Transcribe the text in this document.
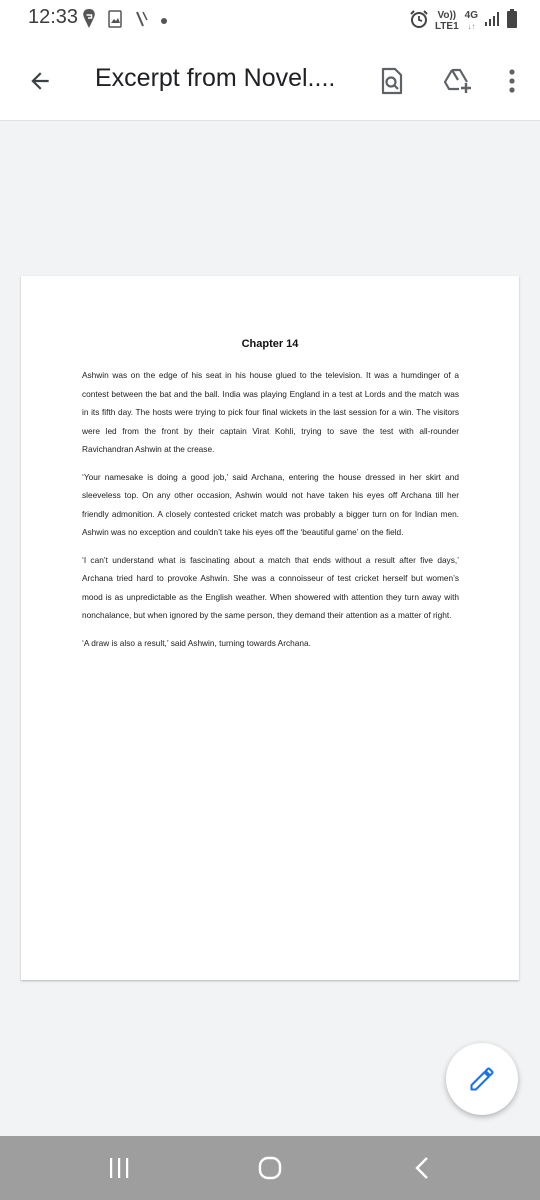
12:33	Vo))
LTE1
4G
↓↑
Excerpt from Novel....
Chapter 14

Ashwin was on the edge of his seat in his house glued to the television. It was a humdinger of a contest between the bat and the ball. India was playing England in a test at Lords and the match was in its fifth day. The hosts were trying to pick four final wickets in the last session for a win. The visitors were led from the front by their captain Virat Kohli, trying to save the test with all-rounder Ravichandran Ashwin at the crease.

‘Your namesake is doing a good job,’ said Archana, entering the house dressed in her skirt and sleeveless top. On any other occasion, Ashwin would not have taken his eyes off Archana till her friendly admonition. A closely contested cricket match was probably a bigger turn on for Indian men. Ashwin was no exception and couldn’t take his eyes off the ‘beautiful game’ on the field.

‘I can’t understand what is fascinating about a match that ends without a result after five days,’ Archana tried hard to provoke Ashwin. She was a connoisseur of test cricket herself but women’s mood is as unpredictable as the English weather. When showered with attention they turn away with nonchalance, but when ignored by the same person, they demand their attention as a matter of right.

‘A draw is also a result,’ said Ashwin, turning towards Archana.
